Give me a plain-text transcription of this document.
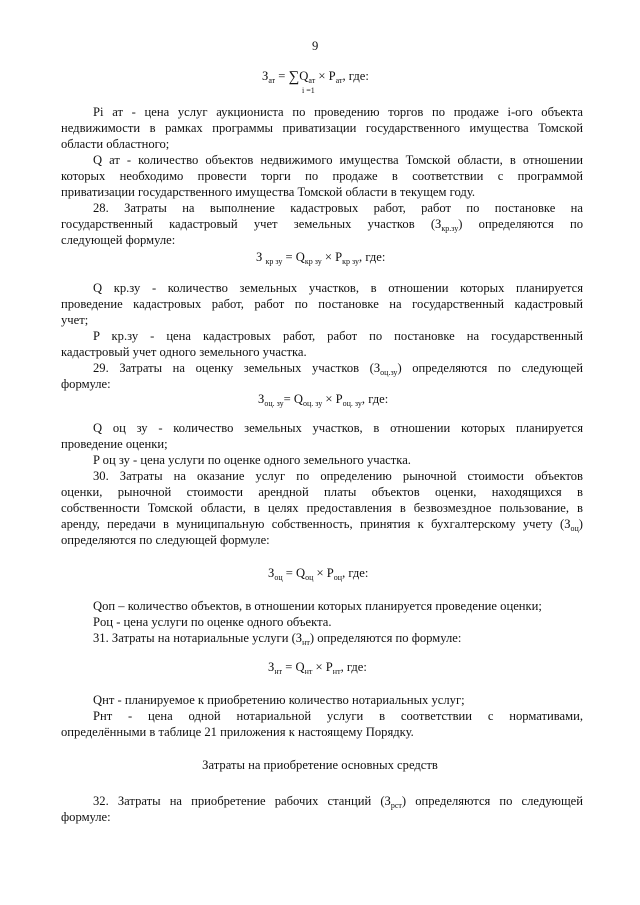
9
$З_{ат} = \sum Q_{ат} \times P_{ат}$, где:
i =1
Pi ат - цена услуг аукциониста по проведению торгов по продаже i-ого объекта
недвижимости в рамках программы приватизации государственного имущества Томской
области областного;
Q ат - количество объектов недвижимого имущества Томской области, в отношении
которых необходимо провести торги по продаже в соответствии с программой
приватизации государственного имущества Томской области в текущем году.
28. Затраты на выполнение кадастровых работ, работ по постановке на
государственный кадастровый учет земельных участков $(З_{кр.зу})$ определяются по
следующей формуле:
З $_{кр зу} = Q_{кр зу} \times P_{кр зу}$, где:
Q кр.зу - количество земельных участков, в отношении которых планируется
проведение кадастровых работ, работ по постановке на государственный кадастровый
учет;
P кр.зу - цена кадастровых работ, работ по постановке на государственный
кадастровый учет одного земельного участка.
29. Затраты на оценку земельных участков $(З_{оц.зу})$ определяются по следующей
формуле:
$З_{оц. зу}= Q_{оц. зу} \times P_{оц. зу}$, где:
Q оц зу - количество земельных участков, в отношении которых планируется
проведение оценки;
P оц зу - цена услуги по оценке одного земельного участка.
30. Затраты на оказание услуг по определению рыночной стоимости объектов
оценки, рыночной стоимости арендной платы объектов оценки, находящихся в
собственности Томской области, в целях предоставления в безвозмездное пользование, в
аренду, передачи в муниципальную собственность, принятия к бухгалтерскому учету $(З_{оц})$
определяются по следующей формуле:
$З_{оц} = Q_{оц} \times P_{оц}$, где:
Qоп – количество объектов, в отношении которых планируется проведение оценки;
Pоц - цена услуги по оценке одного объекта.
31. Затраты на нотариальные услуги $(З_{нт})$ определяются по формуле:
$З_{нт} = Q_{нт} \times P_{нт}$, где:
Qнт - планируемое к приобретению количество нотариальных услуг;
Pнт - цена одной нотариальной услуги в соответствии с нормативами,
определёнными в таблице 21 приложения к настоящему Порядку.
Затраты на приобретение основных средств
32. Затраты на приобретение рабочих станций $(З_{рст})$ определяются по следующей
формуле:
